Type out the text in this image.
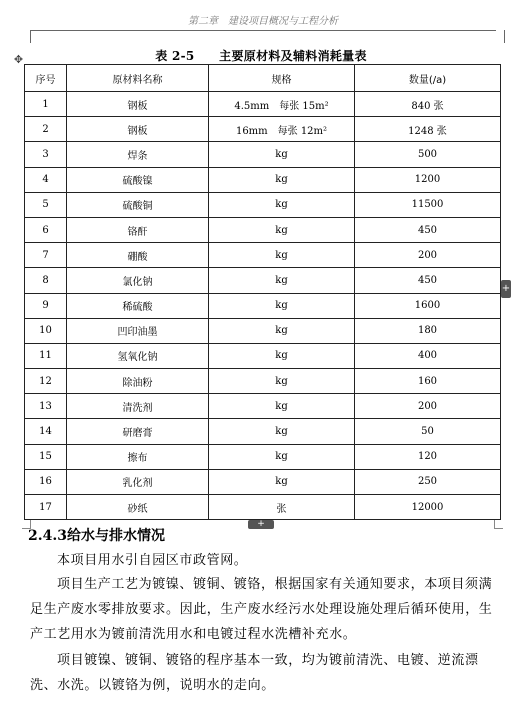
第二章　建设项目概况与工程分析
表 2-5　　主要原材料及辅料消耗量表
✥
序号	原材料名称	规格	数量(/a)
1	钢板	4.5mm　每张 15m²	840 张
2	钢板	16mm　每张 12m²	1248 张
3	焊条	kg	500
4	硫酸镍	kg	1200
5	硫酸铜	kg	11500
6	铬酐	kg	450
7	硼酸	kg	200
8	氯化钠	kg	450
9	稀硫酸	kg	1600
10	凹印油墨	kg	180
11	氢氧化钠	kg	400
12	除油粉	kg	160
13	清洗剂	kg	200
14	研磨膏	kg	50
15	擦布	kg	120
16	乳化剂	kg	250
17	砂纸	张	12000
+
+
2.4.3给水与排水情况

本项目用水引自园区市政管网。

项目生产工艺为镀镍、镀铜、镀铬，根据国家有关通知要求，本项目须满足生产废水零排放要求。因此，生产废水经污水处理设施处理后循环使用，生产工艺用水为镀前清洗用水和电镀过程水洗槽补充水。

项目镀镍、镀铜、镀铬的程序基本一致，均为镀前清洗、电镀、逆流漂洗、水洗。以镀铬为例，说明水的走向。
